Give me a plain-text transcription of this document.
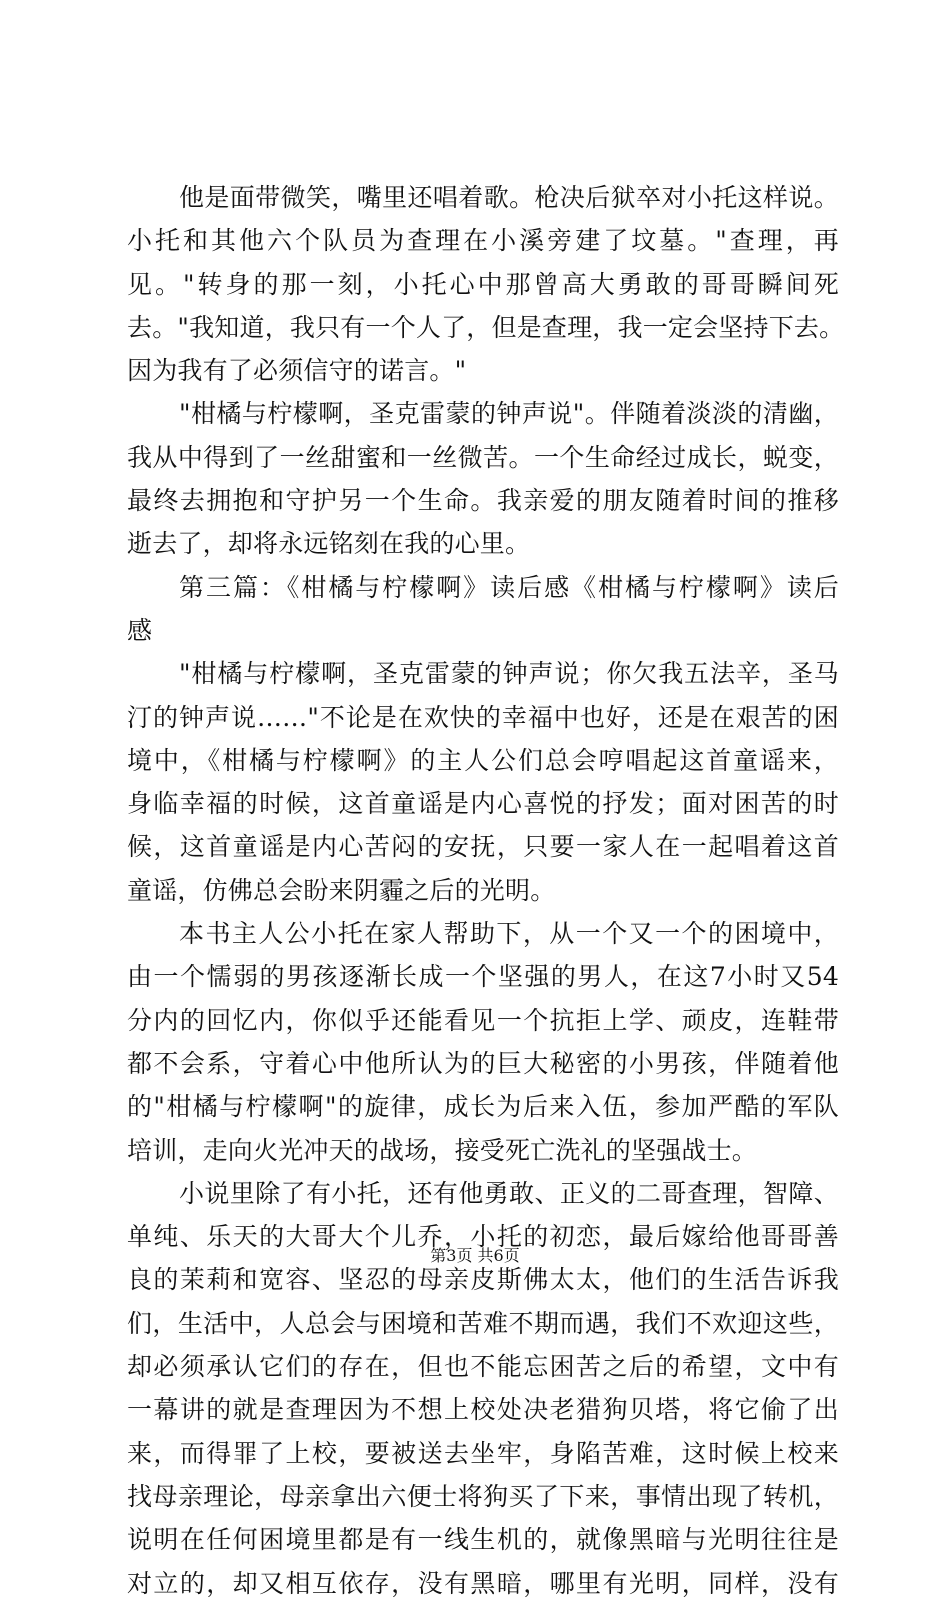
他是面带微笑，嘴里还唱着歌。枪决后狱卒对小托这样说。
小托和其他六个队员为查理在小溪旁建了坟墓。"查理，再
见。"转身的那一刻，小托心中那曾高大勇敢的哥哥瞬间死
去。"我知道，我只有一个人了，但是查理，我一定会坚持下去。
因为我有了必须信守的诺言。"
"柑橘与柠檬啊，圣克雷蒙的钟声说"。伴随着淡淡的清幽，
我从中得到了一丝甜蜜和一丝微苦。一个生命经过成长，蜕变，
最终去拥抱和守护另一个生命。我亲爱的朋友随着时间的推移
逝去了，却将永远铭刻在我的心里。
第三篇：《柑橘与柠檬啊》读后感《柑橘与柠檬啊》读后
感
"柑橘与柠檬啊，圣克雷蒙的钟声说；你欠我五法辛，圣马
汀的钟声说……"不论是在欢快的幸福中也好，还是在艰苦的困
境中，《柑橘与柠檬啊》的主人公们总会哼唱起这首童谣来，
身临幸福的时候，这首童谣是内心喜悦的抒发；面对困苦的时
候，这首童谣是内心苦闷的安抚，只要一家人在一起唱着这首
童谣，仿佛总会盼来阴霾之后的光明。
本书主人公小托在家人帮助下，从一个又一个的困境中，
由一个懦弱的男孩逐渐长成一个坚强的男人，在这7小时又54
分内的回忆内，你似乎还能看见一个抗拒上学、顽皮，连鞋带
都不会系，守着心中他所认为的巨大秘密的小男孩，伴随着他
的"柑橘与柠檬啊"的旋律，成长为后来入伍，参加严酷的军队
培训，走向火光冲天的战场，接受死亡洗礼的坚强战士。
小说里除了有小托，还有他勇敢、正义的二哥查理，智障、
单纯、乐天的大哥大个儿乔，小托的初恋，最后嫁给他哥哥善
良的茉莉和宽容、坚忍的母亲皮斯佛太太，他们的生活告诉我
们，生活中，人总会与困境和苦难不期而遇，我们不欢迎这些，
却必须承认它们的存在，但也不能忘困苦之后的希望，文中有
一幕讲的就是查理因为不想上校处决老猎狗贝塔，将它偷了出
来，而得罪了上校，要被送去坐牢，身陷苦难，这时候上校来
找母亲理论，母亲拿出六便士将狗买了下来，事情出现了转机，
说明在任何困境里都是有一线生机的，就像黑暗与光明往往是
对立的，却又相互依存，没有黑暗，哪里有光明，同样，没有
第3页 共6页
